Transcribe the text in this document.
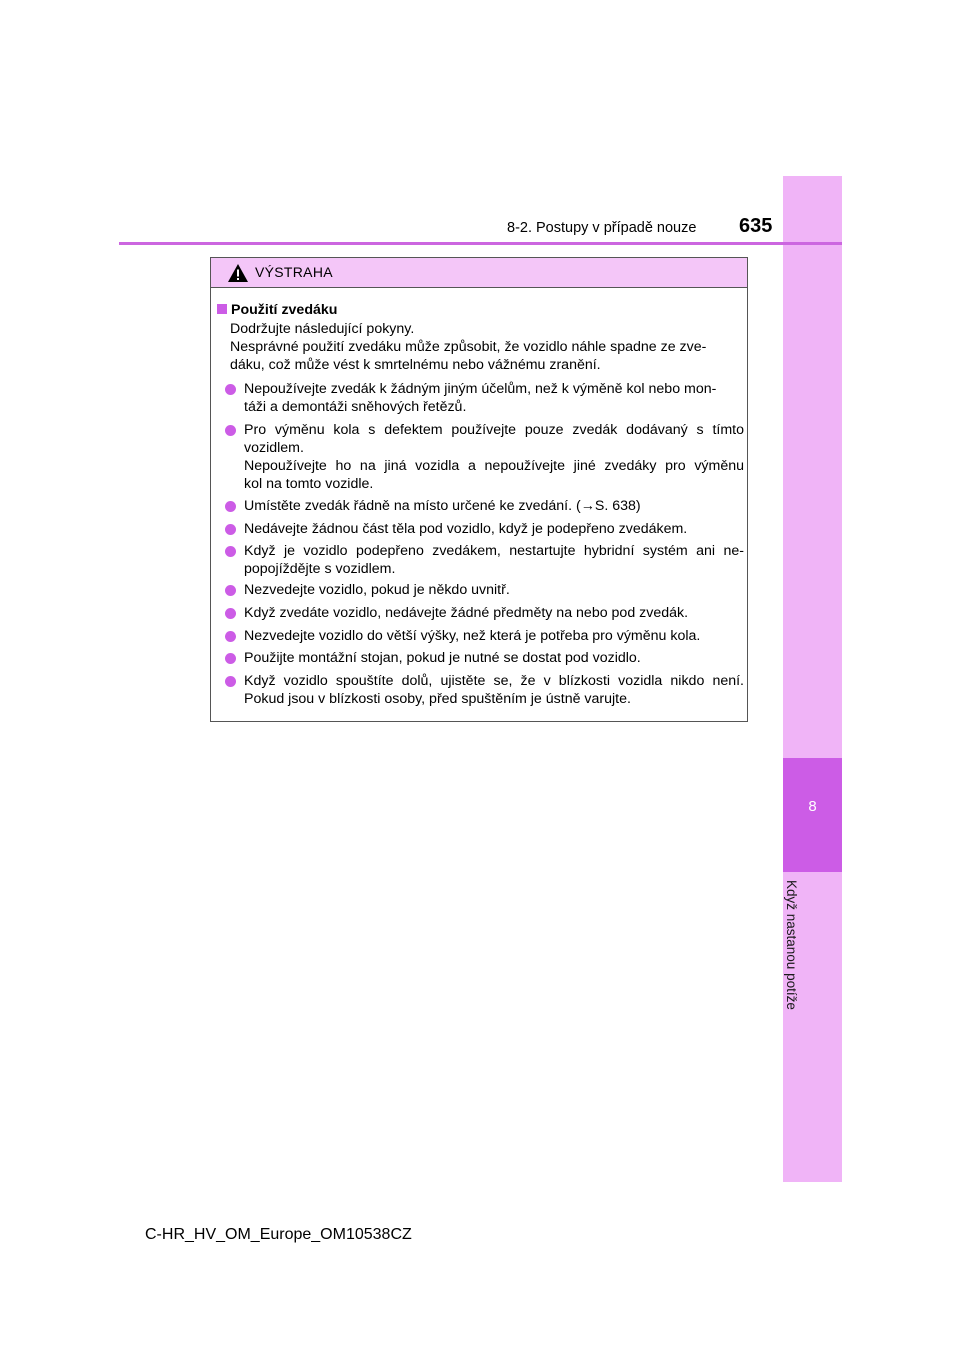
8
Když nastanou potíže
8-2. Postupy v případě nouze 635
VÝSTRAHA
Použití zvedáku
Dodržujte následující pokyny.
Nesprávné použití zvedáku může způsobit, že vozidlo náhle spadne ze zve-
dáku, což může vést k smrtelnému nebo vážnému zranění.
Nepoužívejte zvedák k žádným jiným účelům, než k výměně kol nebo mon-
táži a demontáži sněhových řetězů.
Pro výměnu kola s defektem používejte pouze zvedák dodávaný s tímto
vozidlem.
Nepoužívejte ho na jiná vozidla a nepoužívejte jiné zvedáky pro výměnu
kol na tomto vozidle.
Umístěte zvedák řádně na místo určené ke zvedání. (→S. 638)
Nedávejte žádnou část těla pod vozidlo, když je podepřeno zvedákem.
Když je vozidlo podepřeno zvedákem, nestartujte hybridní systém ani ne-
popojíždějte s vozidlem.
Nezvedejte vozidlo, pokud je někdo uvnitř.
Když zvedáte vozidlo, nedávejte žádné předměty na nebo pod zvedák.
Nezvedejte vozidlo do větší výšky, než která je potřeba pro výměnu kola.
Použijte montážní stojan, pokud je nutné se dostat pod vozidlo.
Když vozidlo spouštíte dolů, ujistěte se, že v blízkosti vozidla nikdo není.
Pokud jsou v blízkosti osoby, před spuštěním je ústně varujte.
C-HR_HV_OM_Europe_OM10538CZ
